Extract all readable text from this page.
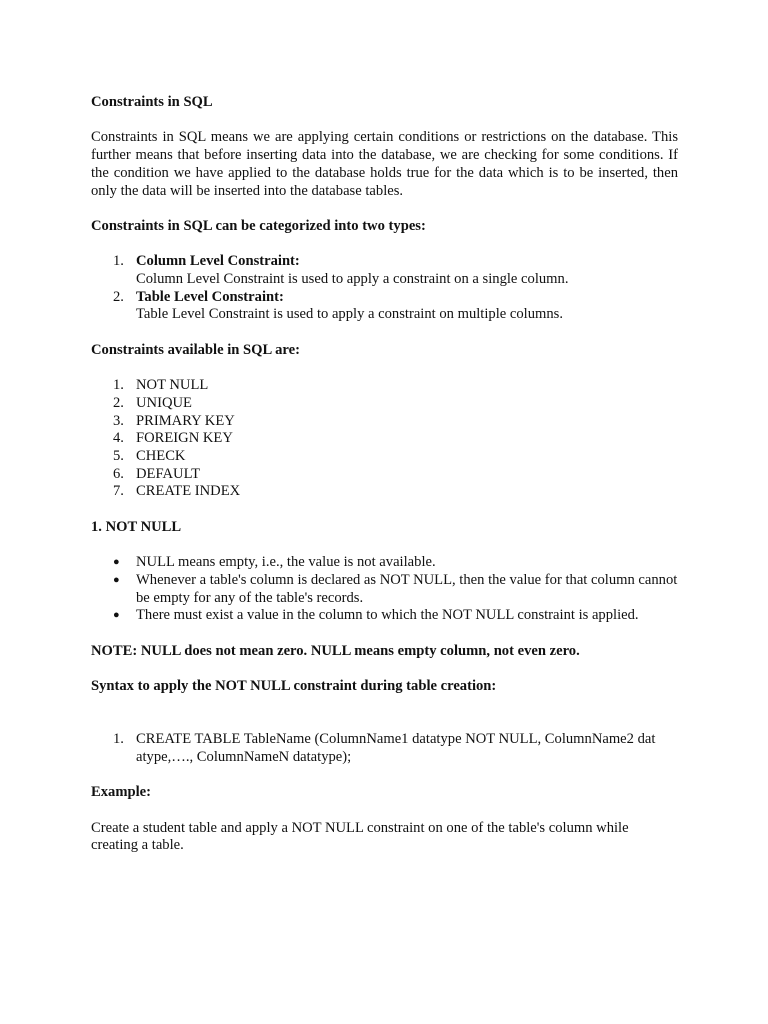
Constraints in SQL

Constraints in SQL means we are applying certain conditions or restrictions on the database. This further means that before inserting data into the database, we are checking for some conditions. If the condition we have applied to the database holds true for the data which is to be inserted, then only the data will be inserted into the database tables.

Constraints in SQL can be categorized into two types:
1. Column Level Constraint:
Column Level Constraint is used to apply a constraint on a single column.
2. Table Level Constraint:
Table Level Constraint is used to apply a constraint on multiple columns.
Constraints available in SQL are:
1. NOT NULL
2. UNIQUE
3. PRIMARY KEY
4. FOREIGN KEY
5. CHECK
6. DEFAULT
7. CREATE INDEX
1. NOT NULL
● NULL means empty, i.e., the value is not available.
● Whenever a table's column is declared as NOT NULL, then the value for that column cannot be empty for any of the table's records.
● There must exist a value in the column to which the NOT NULL constraint is applied.
NOTE: NULL does not mean zero. NULL means empty column, not even zero.
Syntax to apply the NOT NULL constraint during table creation:
1. CREATE TABLE TableName (ColumnName1 datatype NOT NULL, ColumnName2 dat
atype,…., ColumnNameN datatype);
Example:

Create a student table and apply a NOT NULL constraint on one of the table's column while creating a table.
